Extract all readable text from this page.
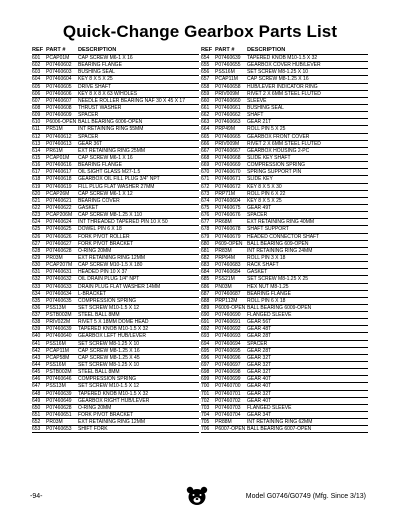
Quick-Change Gearbox Parts List
REF PART #	DESCRIPTION
601	PCAP01M	CAP SCREW M6-1 X 16
602	P07460602	BEARING FLANGE
603	P07460603	BUSHING SEAL
604	P07460604	KEY 8 X 5 X 25
605	P07460605	DRIVE SHAFT
606	P07460606	KEY 8 X 8 X 63 W/HOLES
607	P07460607	NEEDLE ROLLER BEARING NAF 30 X 45 X 17
608	P07460608	THRUST WASHER
609	P07460609	SPACER
610	P6006-OPEN BALL BEARING 6006-OPEN
611	PR51M	INT RETAINING RING 55MM
612	P07460612	SPACER
613	P07460613	GEAR 36T
614	PR61M	EXT RETAINING RING 25MM
615	PCAP01M	CAP SCREW M6-1 X 16
616	P07460616	BEARING FLANGE
617	P07460617	OIL SIGHT GLASS M27-1.5
618	P07460618	GEARBOX OIL FILL PLUG 3/4" NPT
619	P07460619	FILL PLUG FLAT WASHER 27MM
620	PCAP26M	CAP SCREW M6-1 X 12
621	P07460621	BEARING COVER
622	P07460622	GASKET
623	PCAP206M	CAP SCREW M8-1.25 X 110
624	P07460624	INT THREADED TAPERED PIN 10 X 50
625	P07460625	DOWEL PIN 6 X 18
626	P07460626	FORK PIVOT ROLLER
627	P07460627	FORK PIVOT BRACKET
628	P07460628	O-RING 20MM
629	PR03M	EXT RETAINING RING 12MM
630	PCAP207M	CAP SCREW M10-1.5 X 180
631	P07460631	HEADED PIN 10 X 37
632	P07460632	OIL DRAIN PLUG 1/4" NPT
633	P07460633	DRAIN PLUG FLAT WASHER 14MM
634	P07460634	L-BRACKET
635	P07460635	COMPRESSION SPRING
636	PSS13M	SET SCREW M10-1.5 X 12
637	PSTB002M	STEEL BALL 8MM
638	PRIV022M	RIVET 5 X 18MM DOME HEAD
639	P07460639	TAPERED KNOB M10-1.5 X 32
640	P07460640	GEARBOX LEFT HUB/LEVER
641	PSS16M	SET SCREW M8-1.25 X 10
642	PCAP11M	CAP SCREW M8-1.25 X 16
643	PCAP58M	CAP SCREW M8-1.25 X 45
644	PSS16M	SET SCREW M8-1.25 X 10
645	PSTB002M	STEEL BALL 8MM
646	P07460646	COMPRESSION SPRING
647	PSS13M	SET SCREW M10-1.5 X 12
648	P07460639	TAPERED KNOB M10-1.5 X 32
649	P07460649	GEARBOX RIGHT HUB/LEVER
650	P07460628	O-RING 20MM
651	P07460651	FORK PIVOT BRACKET
652	PR03M	EXT RETAINING RING 12MM
653	P07460653	SHIFT FORK
REF PART #	DESCRIPTION
654	P07460639	TAPERED KNOB M10-1.5 X 32
655	P07460655	GEARBOX COVER HUB/LEVER
656	PSS16M	SET SCREW M8-1.25 X 10
657	PCAP11M	CAP SCREW M8-1.25 X 16
658	P07460658	HUB/LEVER INDICATOR RING
659	PRIV009M	RIVET 2 X 6MM STEEL FLUTED
660	P07460660	SLEEVE
661	P07460661	BUSHING SEAL
662	P07460662	SHAFT
663	P07460663	GEAR 21T
664	PRP49M	ROLL PIN 5 X 25
665	P07460665	GEARBOX FRONT COVER
666	PRIV009M	RIVET 2 X 6MM STEEL FLUTED
667	P07460667	GEARBOX HOUSING 2-PC
668	P07460668	SLIDE KEY SHAFT
669	P07460669	COMPRESSION SPRING
670	P07460670	SPRING SUPPORT PIN
671	P07460671	SLIDE KEY
672	P07460672	KEY 8 X 5 X 30
673	PRP71M	ROLL PIN 6 X 22
674	P07460604	KEY 8 X 5 X 25
675	P07460675	GEAR 49T
676	P07460676	SPACER
677	PR68M	EXT RETAINING RING 40MM
678	P07460678	SHAFT SUPPORT
679	P07460679	HEADED CONNECTOR SHAFT
680	P609-OPEN BALL BEARING 609-OPEN
681	PR83M	INT RETAINING RING 24MM
682	PRP64M	ROLL PIN 3 X 18
683	P07460683	RACK SHAFT
684	P07460684	GASKET
685	PSS21M	SET SCREW M8-1.25 X 25
686	PN03M	HEX NUT M8-1.25
687	P07460687	BEARING FLANGE
688	PRP112M	ROLL PIN 6 X 18
689	P6009-OPEN BALL BEARING 6009-OPEN
690	P07460690	FLANGED SLEEVE
691	P07460691	GEAR 56T
692	P07460692	GEAR 48T
693	P07460693	GEAR 28T
694	P07460694	SPACER
695	P07460695	GEAR 28T
696	P07460696	GEAR 32T
697	P07460697	GEAR 32T
698	P07460698	GEAR 32T
699	P07460699	GEAR 40T
700	P07460700	GEAR 40T
701	P07460701	GEAR 32T
702	P07460702	GEAR 40T
703	P07460703	FLANGED SLEEVE
704	P07460704	GEAR 34T
705	PR88M	INT RETAINING RING 62MM
706	P6007-OPEN BALL BEARING 6007-OPEN
-94-	Model G0746/G0749 (Mfg. Since 3/13)
